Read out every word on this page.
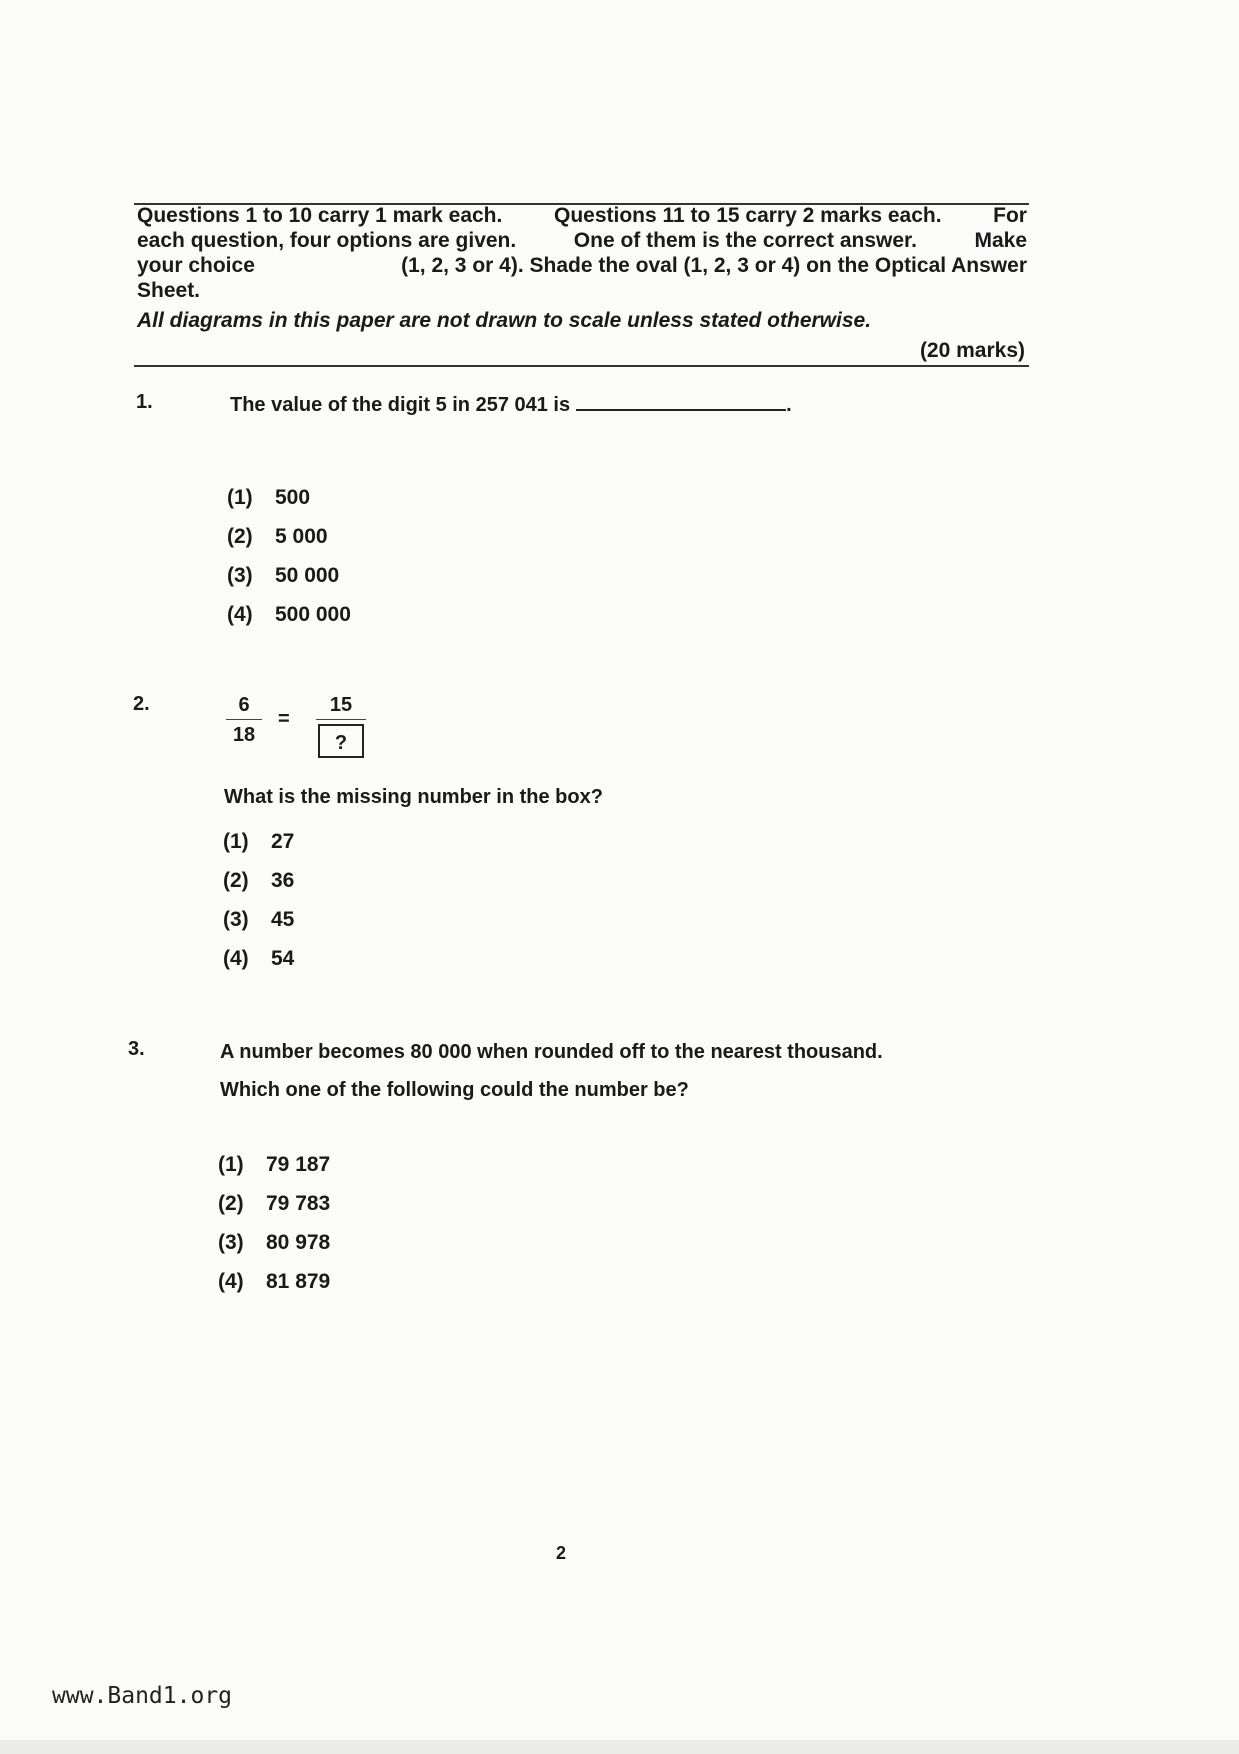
Questions 1 to 10 carry 1 mark each. Questions 11 to 15 carry 2 marks each. For
each question, four options are given.	One of them is the correct answer.	Make
your choice	(1, 2, 3 or 4). Shade the oval (1, 2, 3 or 4) on the Optical Answer
Sheet.
All diagrams in this paper are not drawn to scale unless stated otherwise.
(20 marks)
1.	The value of the digit 5 in 257 041 is	.
(1)	500
(2)	5 000
(3)	50 000
(4)	500 000
2.	6
18
=
15
?
What is the missing number in the box?
(1)	27
(2)	36
(3)	45
(4)	54
3.	A number becomes 80 000 when rounded off to the nearest thousand.
Which one of the following could the number be?
(1)	79 187
(2)	79 783
(3)	80 978
(4)	81 879
2
www.Band1.org
